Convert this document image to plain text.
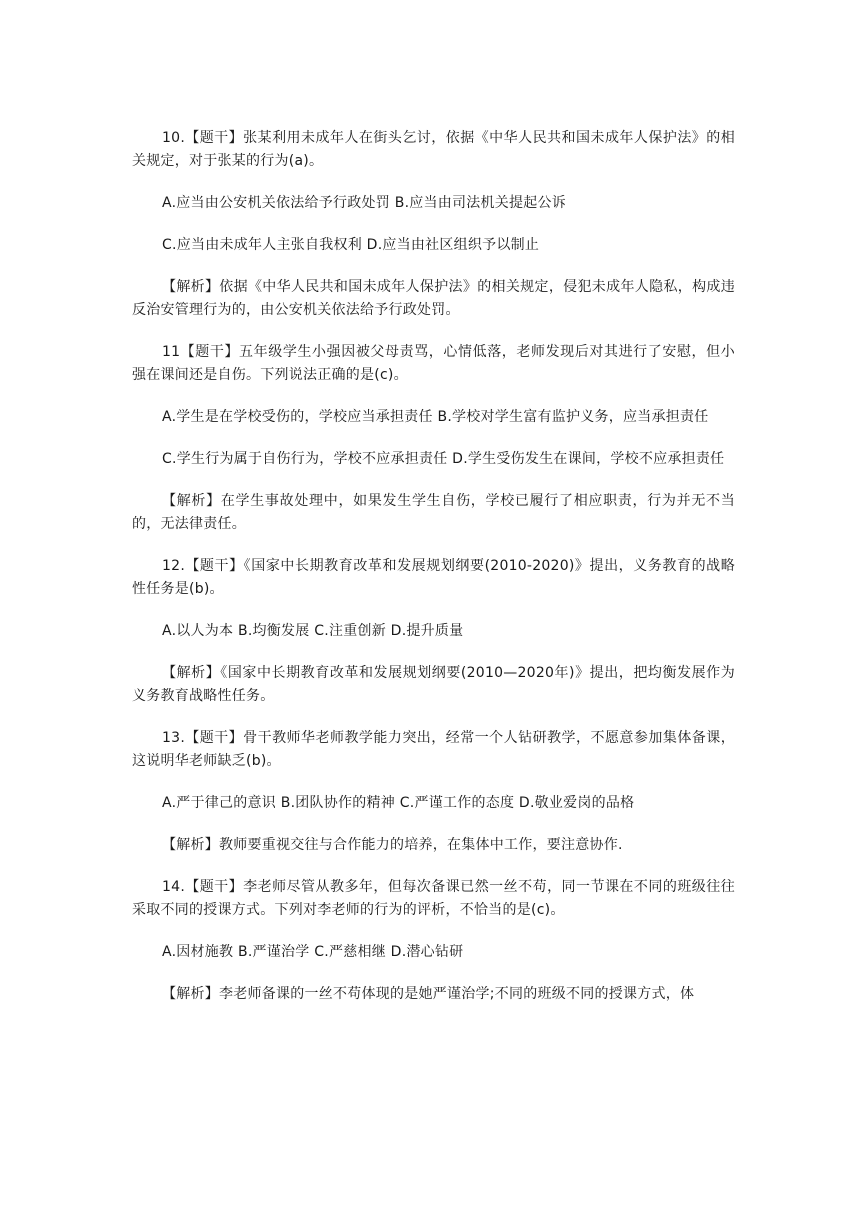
10.【题干】张某利用未成年人在街头乞讨，依据《中华人民共和国未成年人保护法》的相关规定，对于张某的行为(a)。

A.应当由公安机关依法给予行政处罚 B.应当由司法机关提起公诉

C.应当由未成年人主张自我权利 D.应当由社区组织予以制止

【解析】依据《中华人民共和国未成年人保护法》的相关规定，侵犯未成年人隐私，构成违反治安管理行为的，由公安机关依法给予行政处罚。

11【题干】五年级学生小强因被父母责骂，心情低落，老师发现后对其进行了安慰，但小强在课间还是自伤。下列说法正确的是(c)。

A.学生是在学校受伤的，学校应当承担责任 B.学校对学生富有监护义务，应当承担责任

C.学生行为属于自伤行为，学校不应承担责任 D.学生受伤发生在课间，学校不应承担责任

【解析】在学生事故处理中，如果发生学生自伤，学校已履行了相应职责，行为并无不当的，无法律责任。

12.【题干】《国家中长期教育改革和发展规划纲要(2010-2020)》提出，义务教育的战略性任务是(b)。

A.以人为本 B.均衡发展 C.注重创新 D.提升质量

【解析】《国家中长期教育改革和发展规划纲要(2010—2020年)》提出，把均衡发展作为义务教育战略性任务。

13.【题干】骨干教师华老师教学能力突出，经常一个人钻研教学，不愿意参加集体备课，这说明华老师缺乏(b)。

A.严于律己的意识 B.团队协作的精神 C.严谨工作的态度 D.敬业爱岗的品格

【解析】教师要重视交往与合作能力的培养，在集体中工作，要注意协作.

14.【题干】李老师尽管从教多年，但每次备课已然一丝不苟，同一节课在不同的班级往往采取不同的授课方式。下列对李老师的行为的评析，不恰当的是(c)。

A.因材施教 B.严谨治学 C.严慈相继 D.潜心钻研

【解析】李老师备课的一丝不苟体现的是她严谨治学;不同的班级不同的授课方式，体
